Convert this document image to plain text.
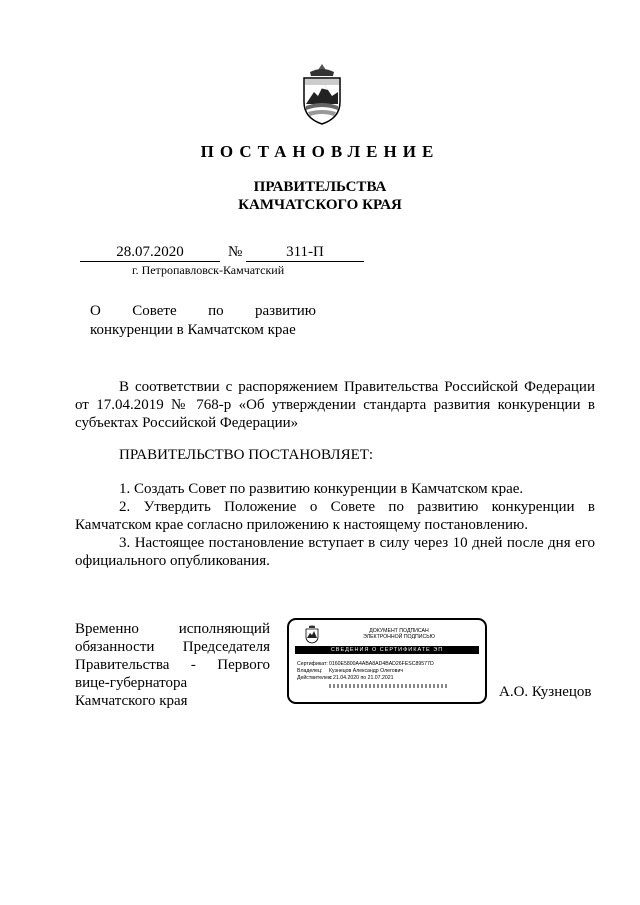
ПОСТАНОВЛЕНИЕ
ПРАВИТЕЛЬСТВА
КАМЧАТСКОГО КРАЯ
28.07.2020	№	311-П
г. Петропавловск-Камчатский
О Совете по развитию
конкуренции в Камчатском крае
В соответствии с распоряжением Правительства Российской Федерации от 17.04.2019 № 768-р «Об утверждении стандарта развития конкуренции в субъектах Российской Федерации»
ПРАВИТЕЛЬСТВО ПОСТАНОВЛЯЕТ:
1. Создать Совет по развитию конкуренции в Камчатском крае.
2. Утвердить Положение о Совете по развитию конкуренции в Камчатском крае согласно приложению к настоящему постановлению.
3. Настоящее постановление вступает в силу через 10 дней после дня его официального опубликования.
Временно	исполняющий
обязанности Председателя
Правительства - Первого
вице-губернатора
Камчатского края
А.О. Кузнецов
ДОКУМЕНТ ПОДПИСАН
ЭЛЕКТРОННОЙ ПОДПИСЬЮ
СВЕДЕНИЯ О СЕРТИФИКАТЕ ЭП
Сертификат: 0160E5800A4ABA8AD4BAD26FESC89577D
Владелец:	Кузнецов Александр Олегович
Действителен:
с 21.04.2020 по 21.07.2021
